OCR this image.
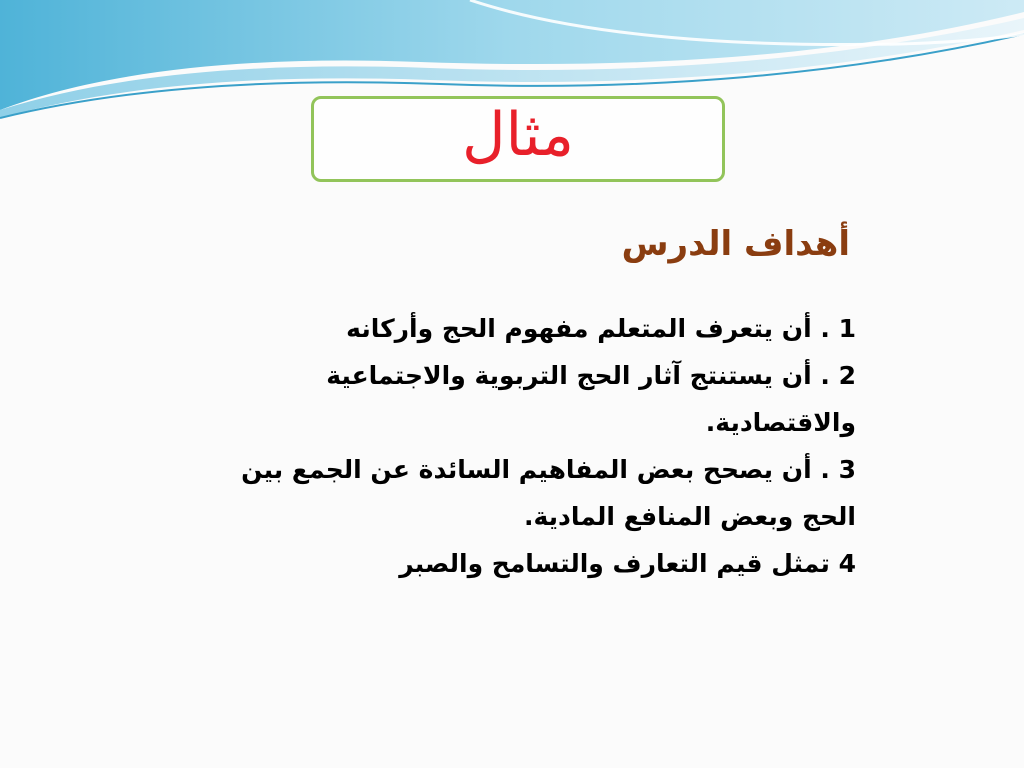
مثال
أهداف الدرس
1 . أن يتعرف المتعلم مفهوم الحج وأركانه
2 . أن يستنتج آثار الحج التربوية والاجتماعية والاقتصادية.
3 . أن يصحح بعض المفاهيم السائدة عن الجمع بين الحج وبعض المنافع المادية.
4 تمثل قيم التعارف والتسامح والصبر
